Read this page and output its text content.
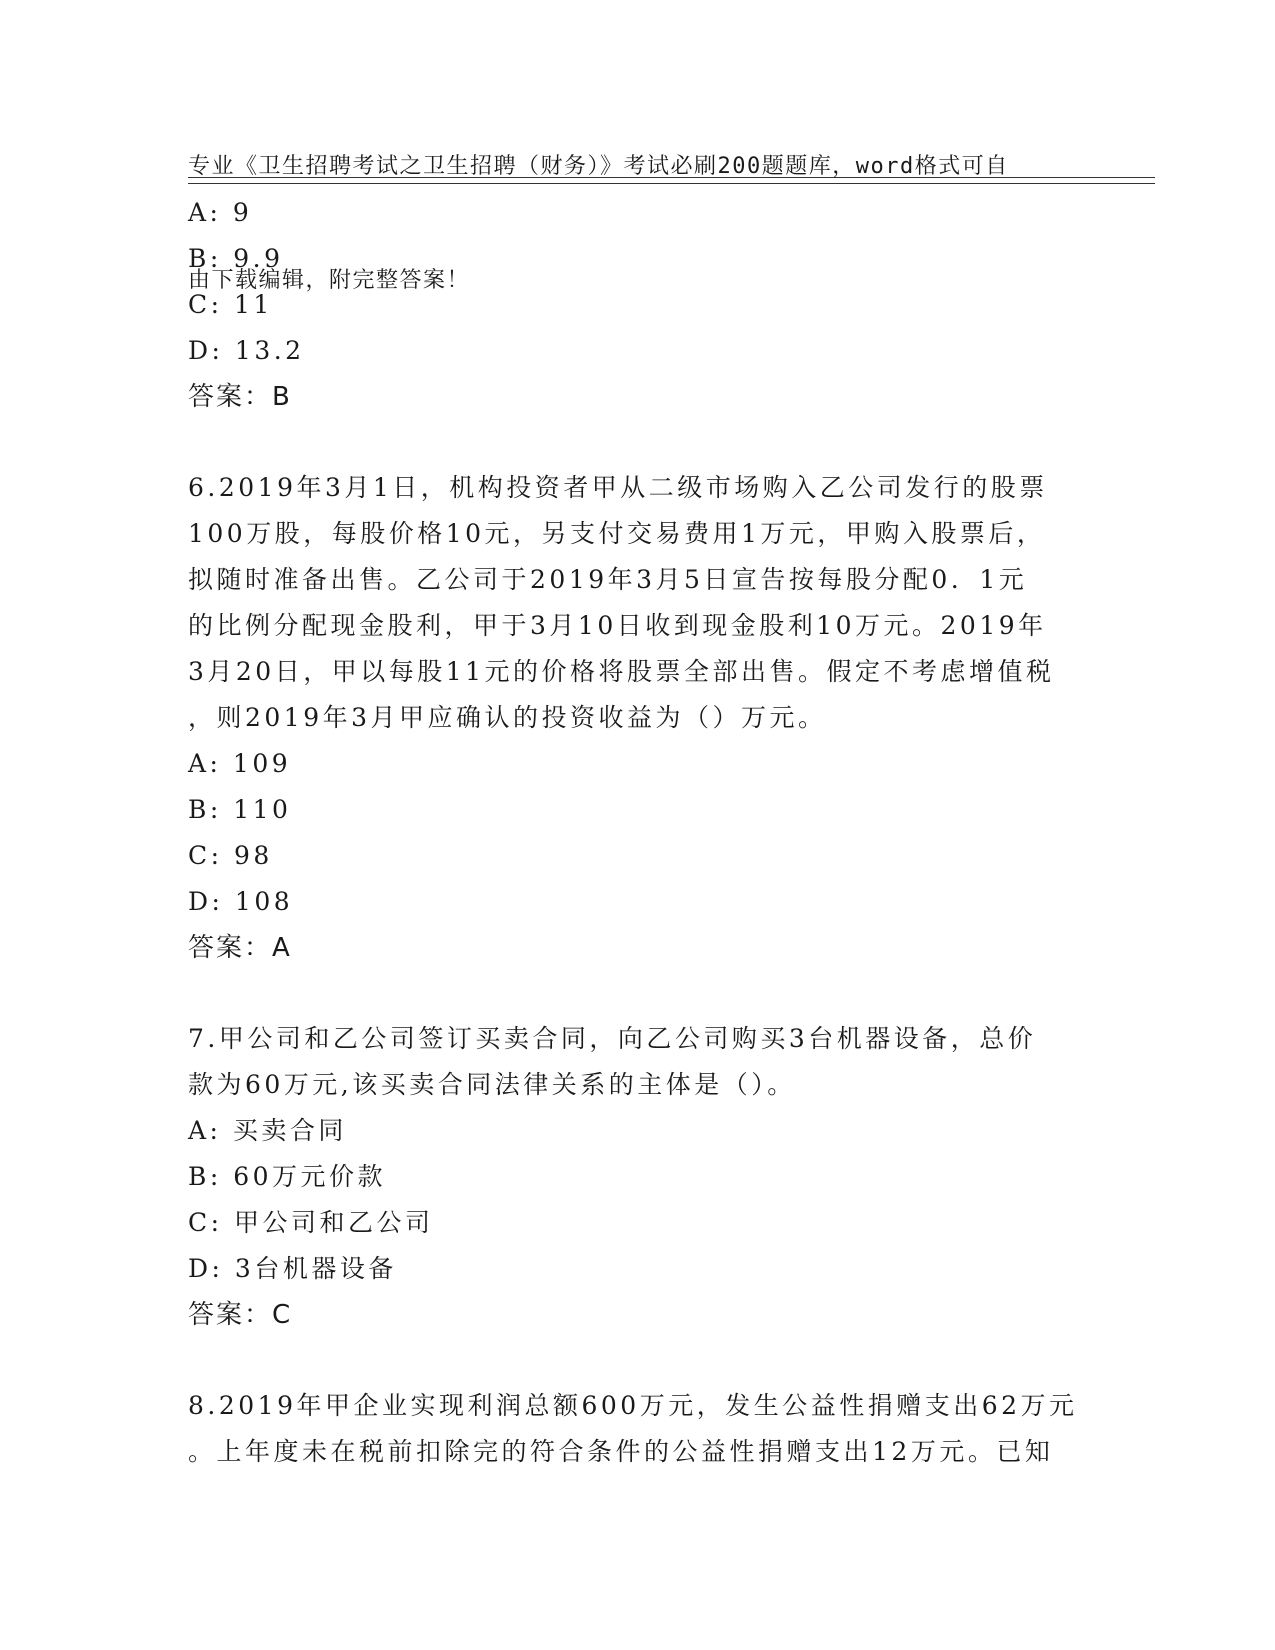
专业《卫生招聘考试之卫生招聘（财务）》考试必刷200题题库，word格式可自

由下载编辑，附完整答案！

A: 9
B: 9.9
C: 11
D: 13.2
答案：B
6.2019年3月1日，机构投资者甲从二级市场购入乙公司发行的股票
100万股，每股价格10元，另支付交易费用1万元，甲购入股票后，
拟随时准备出售。乙公司于2019年3月5日宣告按每股分配0．1元
的比例分配现金股利，甲于3月10日收到现金股利10万元。2019年
3月20日，甲以每股11元的价格将股票全部出售。假定不考虑增值税
，则2019年3月甲应确认的投资收益为（）万元。
A: 109
B: 110
C: 98
D: 108
答案：A
7.甲公司和乙公司签订买卖合同，向乙公司购买3台机器设备，总价
款为60万元,该买卖合同法律关系的主体是（）。
A: 买卖合同
B: 60万元价款
C: 甲公司和乙公司
D: 3台机器设备
答案：C
8.2019年甲企业实现利润总额600万元，发生公益性捐赠支出62万元
。上年度未在税前扣除完的符合条件的公益性捐赠支出12万元。已知
